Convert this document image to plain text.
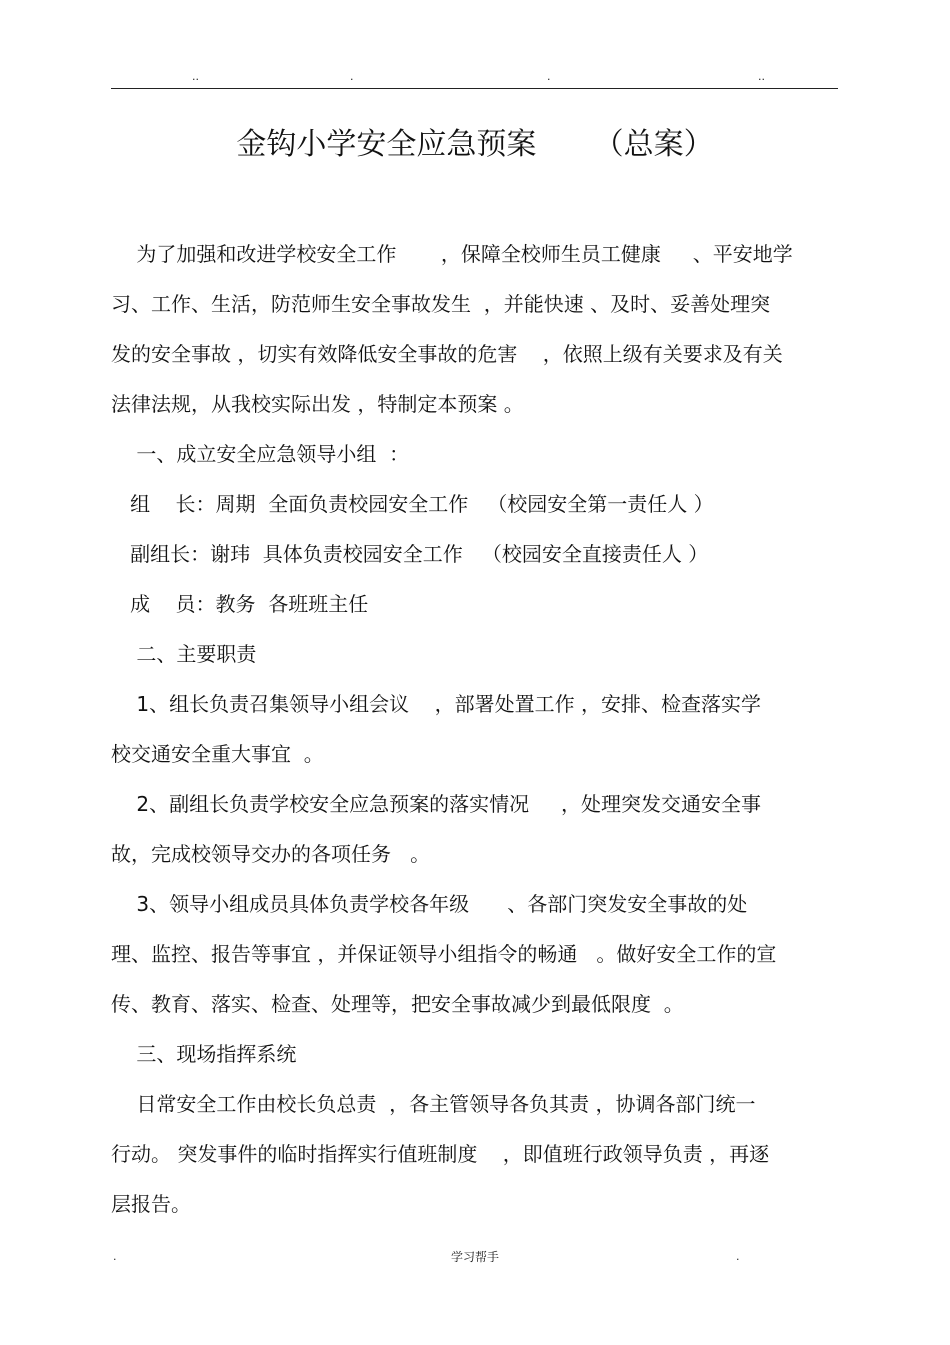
..	.	.	..
金钩小学安全应急预案      （总案）
为了加强和改进学校安全工作       ，保障全校师生员工健康     、平安地学
习、工作、生活，防范师生安全事故发生  ，并能快速 、及时、妥善处理突
发的安全事故 ，切实有效降低安全事故的危害    ，依照上级有关要求及有关
法律法规，从我校实际出发 ，特制定本预案 。
一、成立安全应急领导小组  ：
组    长：周期  全面负责校园安全工作   （校园安全第一责任人 ）
副组长：谢玮  具体负责校园安全工作   （校园安全直接责任人 ）
成    员：教务  各班班主任
二、主要职责
1、组长负责召集领导小组会议    ，部署处置工作 ，安排、检查落实学
校交通安全重大事宜  。
2、副组长负责学校安全应急预案的落实情况     ，处理突发交通安全事
故，完成校领导交办的各项任务   。
3、领导小组成员具体负责学校各年级      、各部门突发安全事故的处
理、监控、报告等事宜 ，并保证领导小组指令的畅通   。做好安全工作的宣
传、教育、落实、检查、处理等，把安全事故减少到最低限度  。
三、现场指挥系统
日常安全工作由校长负总责  ，各主管领导各负其责 ，协调各部门统一
行动。 突发事件的临时指挥实行值班制度    ，即值班行政领导负责 ，再逐
层报告。
.	学习帮手	.
